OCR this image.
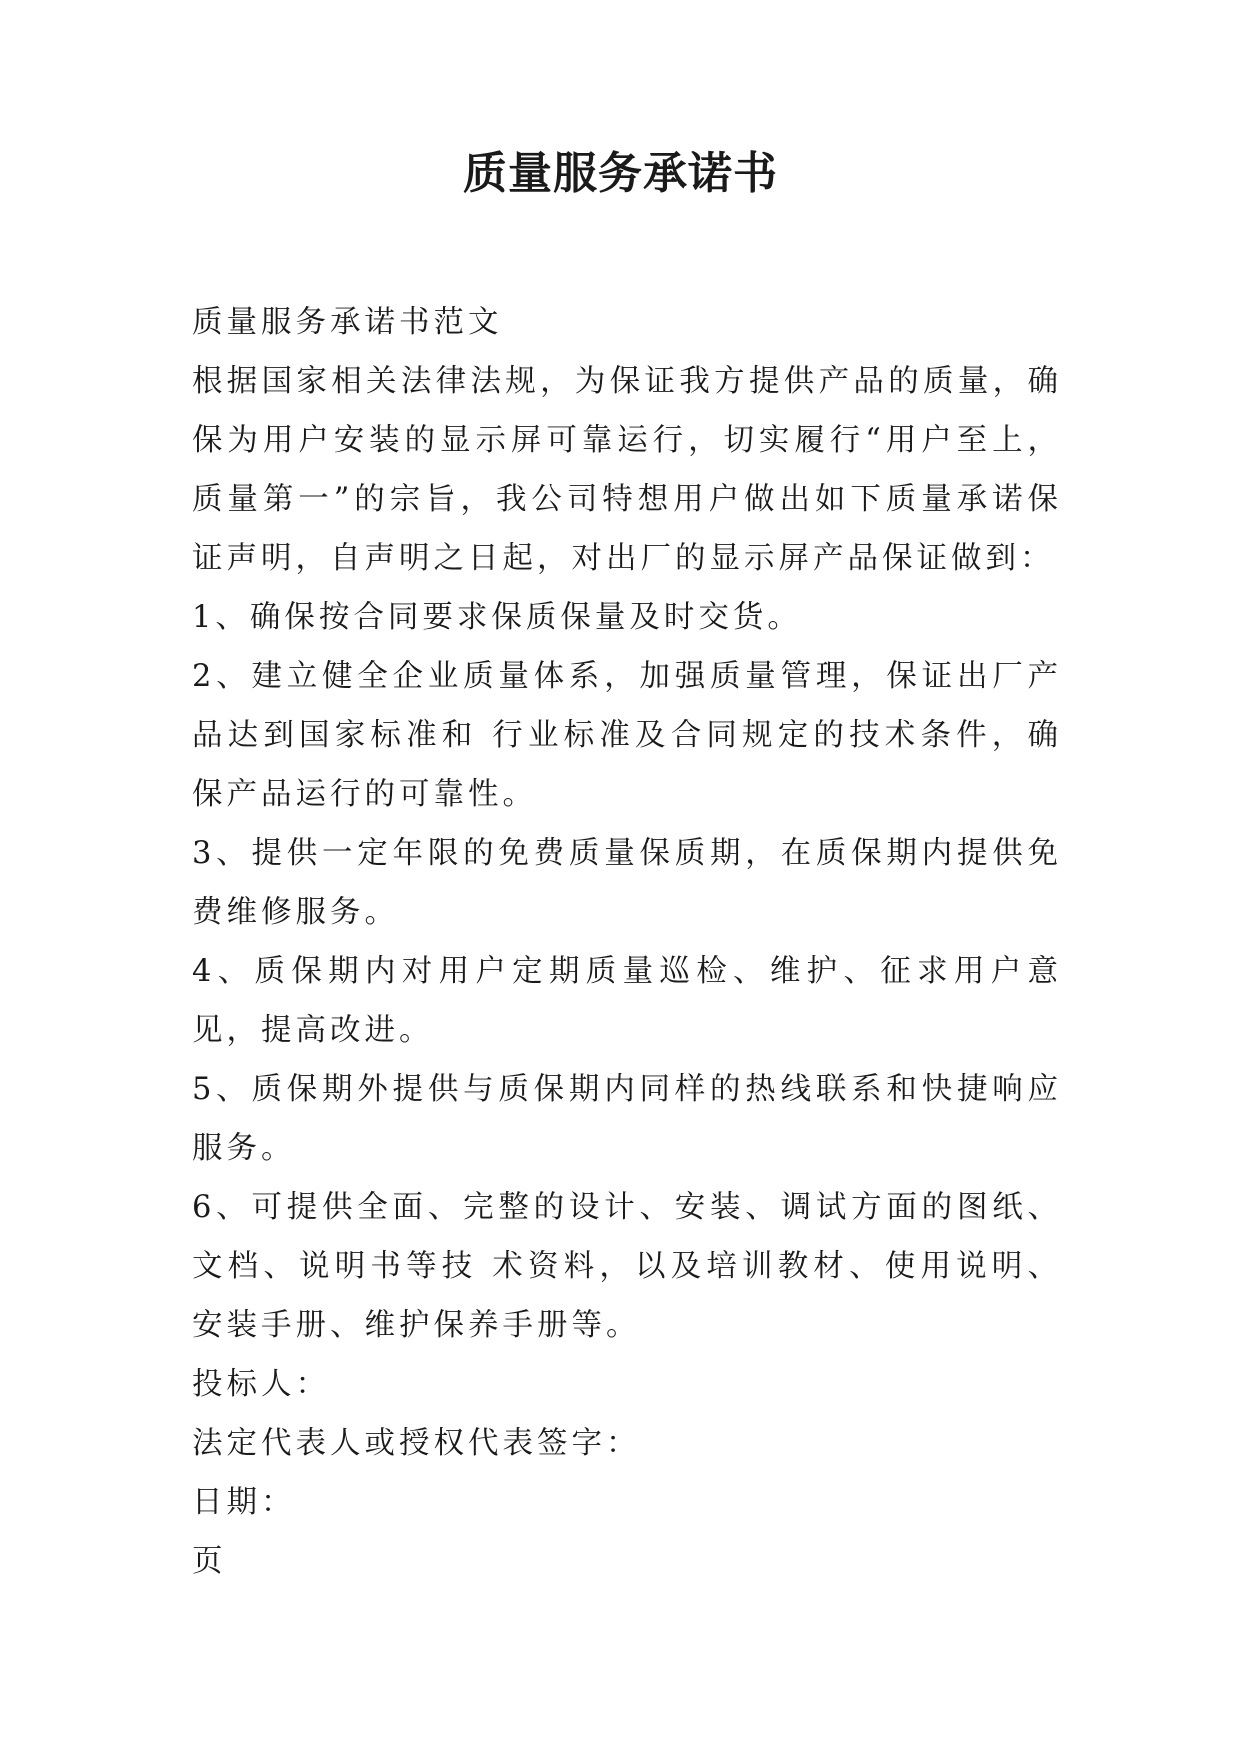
质量服务承诺书

质量服务承诺书范文

根据国家相关法律法规，为保证我方提供产品的质量，确保为用户安装的显示屏可靠运行，切实履行“用户至上，质量第一”的宗旨，我公司特想用户做出如下质量承诺保证声明，自声明之日起，对出厂的显示屏产品保证做到：

1、确保按合同要求保质保量及时交货。

2、建立健全企业质量体系，加强质量管理，保证出厂产品达到国家标准和 行业标准及合同规定的技术条件，确保产品运行的可靠性。

3、提供一定年限的免费质量保质期，在质保期内提供免费维修服务。

4、质保期内对用户定期质量巡检、维护、征求用户意见，提高改进。

5、质保期外提供与质保期内同样的热线联系和快捷响应服务。

6、可提供全面、完整的设计、安装、调试方面的图纸、文档、说明书等技 术资料，以及培训教材、使用说明、安装手册、维护保养手册等。

投标人：

法定代表人或授权代表签字：

日期：

页
